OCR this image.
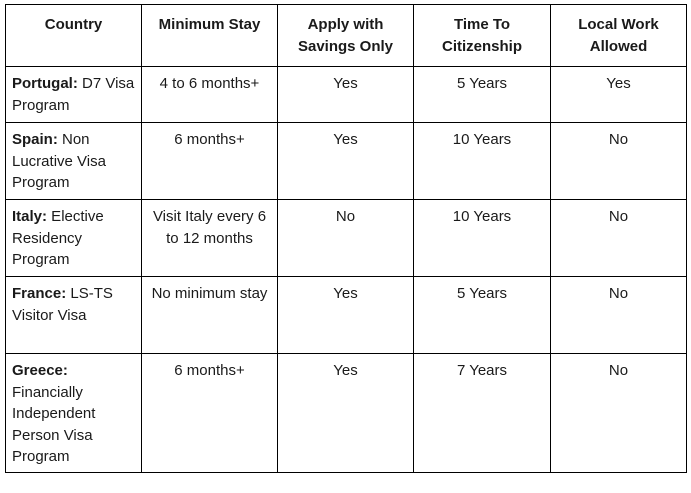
Country	Minimum Stay	Apply with Savings Only	Time To Citizenship	Local Work Allowed
Portugal: D7 Visa Program	4 to 6 months+	Yes	5 Years	Yes
Spain: Non Lucrative Visa Program	6 months+	Yes	10 Years	No
Italy: Elective Residency Program	Visit Italy every 6 to 12 months	No	10 Years	No
France: LS-TS Visitor Visa	No minimum stay	Yes	5 Years	No
Greece: Financially Independent Person Visa Program	6 months+	Yes	7 Years	No
